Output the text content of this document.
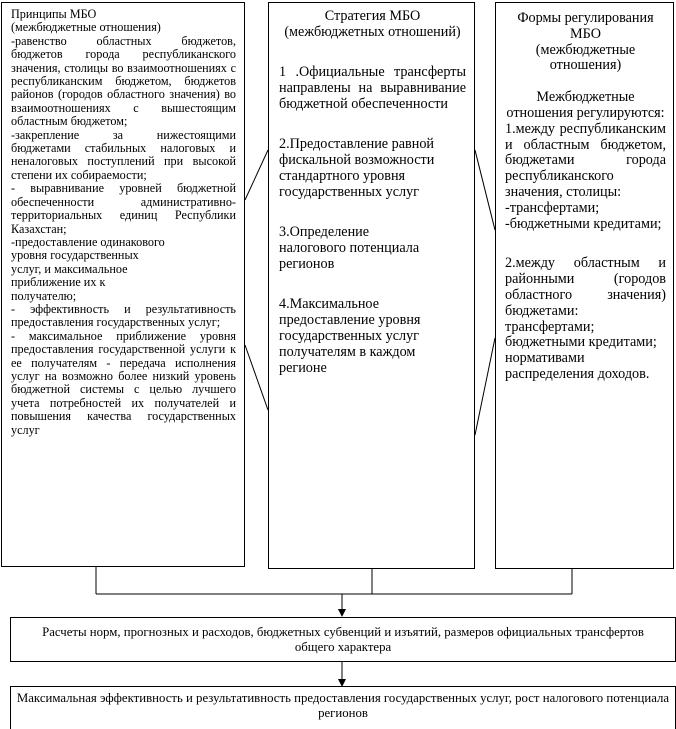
Принципы МБО

(межбюджетные отношения)

-равенство областных бюджетов, бюджетов города республиканского значения, столицы во взаимоотношениях с республиканским бюджетом, бюджетов районов (городов областного значения) во взаимоотношениях с вышестоящим областным бюджетом;

-закрепление за нижестоящими бюджетами стабильных налоговых и неналоговых поступлений при высокой степени их собираемости;

- выравнивание уровней бюджетной обеспеченности административно-территориальных единиц Республики Казахстан;

-предоставление одинакового уровня государственных услуг, и максимальное приближение их к получателю;

- эффективность и результативность предоставления государственных услуг;

- максимальное приближение уровня предоставления государственной услуги к ее получателям - передача исполнения услуг на возможно более низкий уровень бюджетной системы с целью лучшего учета потребностей их получателей и повышения качества государственных услуг

Стратегия МБО

(межбюджетных отношений)

1 .Официальные трансферты направлены на выравнивание бюджетной обеспеченности

2.Предоставление равной фискальной возможности стандартного уровня государственных услуг

3.Определение налогового потенциала регионов

4.Максимальное предоставление уровня государственных услуг получателям в каждом регионе

Формы регулирования МБО

(межбюджетные отношения)

Межбюджетные отношения регулируются:

1.между республиканским и областным бюджетом, бюджетами города республиканского значения, столицы:

-трансфертами;

-бюджетными кредитами;

2.между областным и районными (городов областного значения) бюджетами:

трансфертами;

бюджетными кредитами;

нормативами распределения доходов.

Расчеты норм, прогнозных и расходов, бюджетных субвенций и изъятий, размеров официальных трансфертов общего характера

Максимальная эффективность и результативность предоставления государственных услуг, рост налогового потенциала регионов
